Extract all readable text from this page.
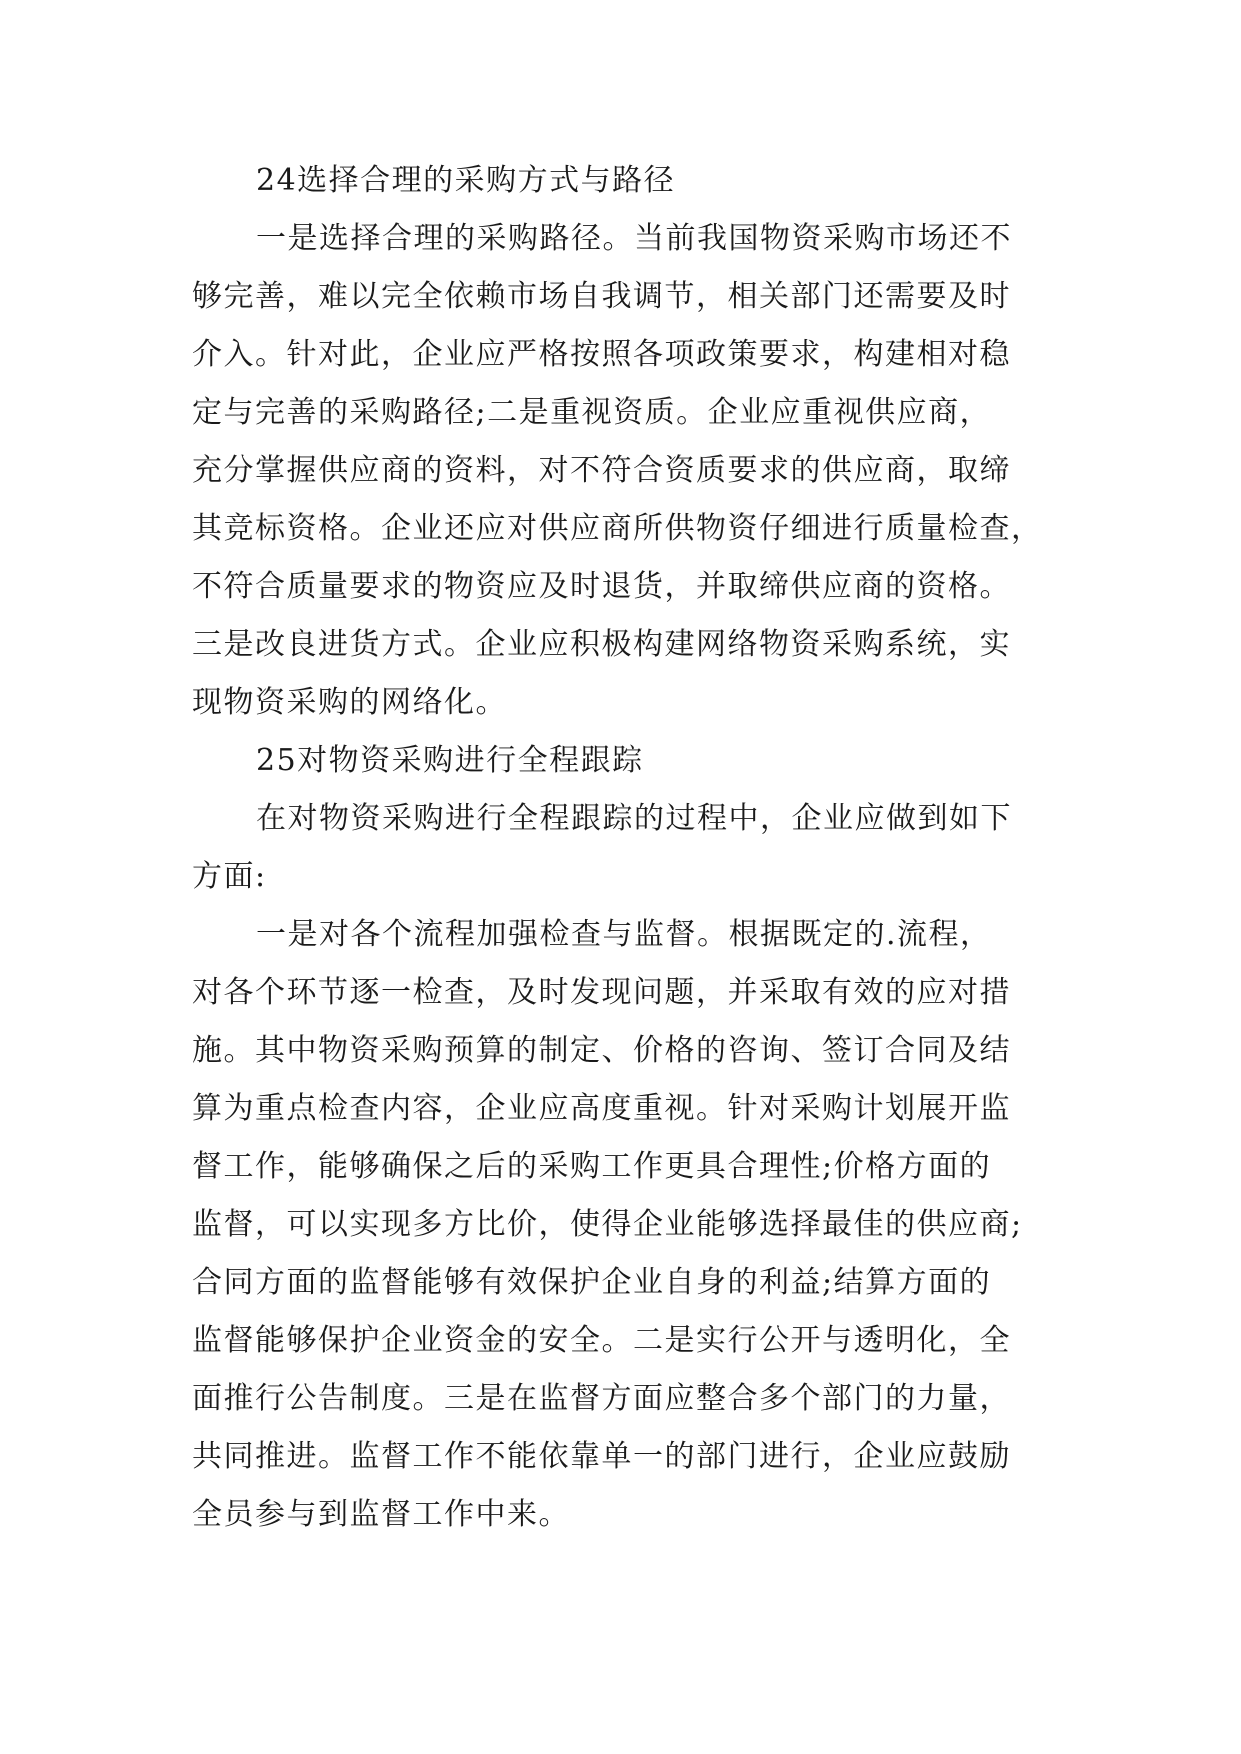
24选择合理的采购方式与路径
一是选择合理的采购路径。当前我国物资采购市场还不
够完善，难以完全依赖市场自我调节，相关部门还需要及时
介入。针对此，企业应严格按照各项政策要求，构建相对稳
定与完善的采购路径;二是重视资质。企业应重视供应商，
充分掌握供应商的资料，对不符合资质要求的供应商，取缔
其竞标资格。企业还应对供应商所供物资仔细进行质量检查，
不符合质量要求的物资应及时退货，并取缔供应商的资格。
三是改良进货方式。企业应积极构建网络物资采购系统，实
现物资采购的网络化。
25对物资采购进行全程跟踪
在对物资采购进行全程跟踪的过程中，企业应做到如下
方面:
一是对各个流程加强检查与监督。根据既定的.流程，
对各个环节逐一检查，及时发现问题，并采取有效的应对措
施。其中物资采购预算的制定、价格的咨询、签订合同及结
算为重点检查内容，企业应高度重视。针对采购计划展开监
督工作，能够确保之后的采购工作更具合理性;价格方面的
监督，可以实现多方比价，使得企业能够选择最佳的供应商;
合同方面的监督能够有效保护企业自身的利益;结算方面的
监督能够保护企业资金的安全。二是实行公开与透明化，全
面推行公告制度。三是在监督方面应整合多个部门的力量，
共同推进。监督工作不能依靠单一的部门进行，企业应鼓励
全员参与到监督工作中来。
